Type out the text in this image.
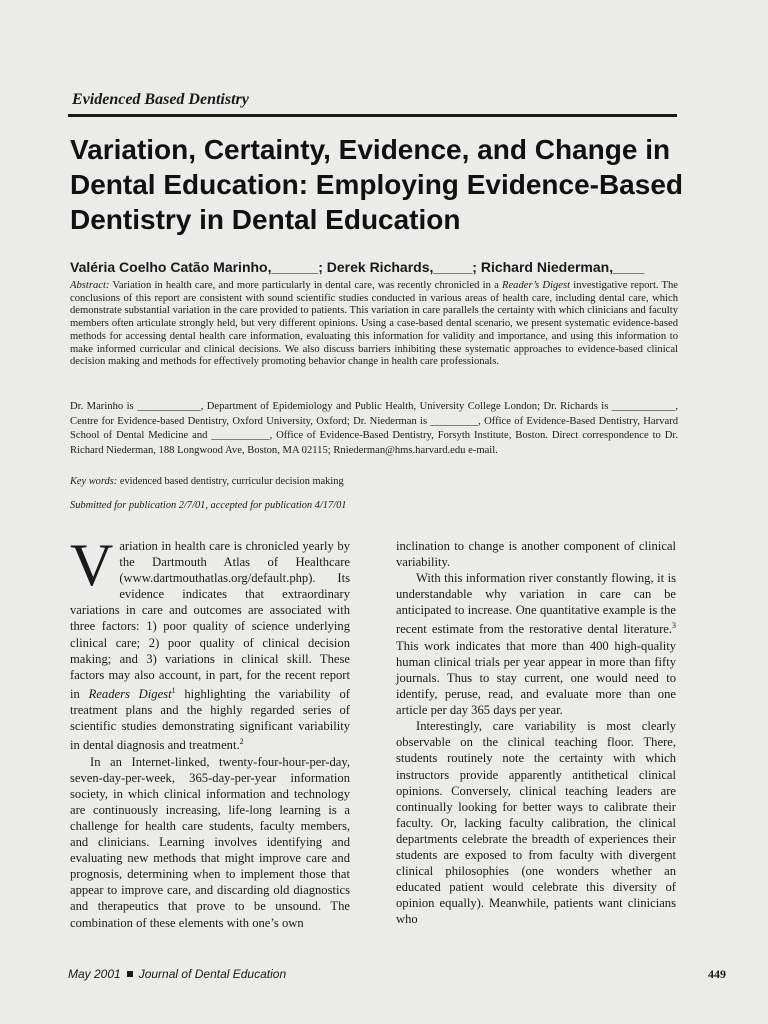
Evidenced Based Dentistry
Variation, Certainty, Evidence, and Change in Dental Education: Employing Evidence-Based Dentistry in Dental Education
Valéria Coelho Catão Marinho,______; Derek Richards,_____; Richard Niederman,____
Abstract: Variation in health care, and more particularly in dental care, was recently chronicled in a Reader’s Digest investigative report. The conclusions of this report are consistent with sound scientific studies conducted in various areas of health care, including dental care, which demonstrate substantial variation in the care provided to patients. This variation in care parallels the certainty with which clinicians and faculty members often articulate strongly held, but very different opinions. Using a case-based dental scenario, we present systematic evidence-based methods for accessing dental health care information, evaluating this information for validity and importance, and using this information to make informed curricular and clinical decisions. We also discuss barriers inhibiting these systematic approaches to evidence-based clinical decision making and methods for effectively promoting behavior change in health care professionals.
Dr. Marinho is ____________, Department of Epidemiology and Public Health, University College London; Dr. Richards is ____________, Centre for Evidence-based Dentistry, Oxford University, Oxford; Dr. Niederman is _________, Office of Evidence-Based Dentistry, Harvard School of Dental Medicine and ___________, Office of Evidence-Based Dentistry, Forsyth Institute, Boston. Direct correspondence to Dr. Richard Niederman, 188 Longwood Ave, Boston, MA 02115; Rniederman@hms.harvard.edu e-mail.
Key words: evidenced based dentistry, curriculur decision making
Submitted for publication 2/7/01, accepted for publication 4/17/01

Variation in health care is chronicled yearly by the Dartmouth Atlas of Healthcare (www.dartmouthatlas.org/default.php). Its evidence indicates that extraordinary variations in care and outcomes are associated with three factors: 1) poor quality of science underlying clinical care; 2) poor quality of clinical decision making; and 3) variations in clinical skill. These factors may also account, in part, for the recent report in Readers Digest$^1$ highlighting the variability of treatment plans and the highly regarded series of scientific studies demonstrating significant variability in dental diagnosis and treatment.$^2$

In an Internet-linked, twenty-four-hour-per-day, seven-day-per-week, 365-day-per-year information society, in which clinical information and technology are continuously increasing, life-long learning is a challenge for health care students, faculty members, and clinicians. Learning involves identifying and evaluating new methods that might improve care and prognosis, determining when to implement those that appear to improve care, and discarding old diagnostics and therapeutics that prove to be unsound. The combination of these elements with one’s own

inclination to change is another component of clinical variability.

With this information river constantly flowing, it is understandable why variation in care can be anticipated to increase. One quantitative example is the recent estimate from the restorative dental literature.$^3$ This work indicates that more than 400 high-quality human clinical trials per year appear in more than fifty journals. Thus to stay current, one would need to identify, peruse, read, and evaluate more than one article per day 365 days per year.

Interestingly, care variability is most clearly observable on the clinical teaching floor. There, students routinely note the certainty with which instructors provide apparently antithetical clinical opinions. Conversely, clinical teaching leaders are continually looking for better ways to calibrate their faculty. Or, lacking faculty calibration, the clinical departments celebrate the breadth of experiences their students are exposed to from faculty with divergent clinical philosophies (one wonders whether an educated patient would celebrate this diversity of opinion equally). Meanwhile, patients want clinicians who

May 2001 Journal of Dental Education	449
